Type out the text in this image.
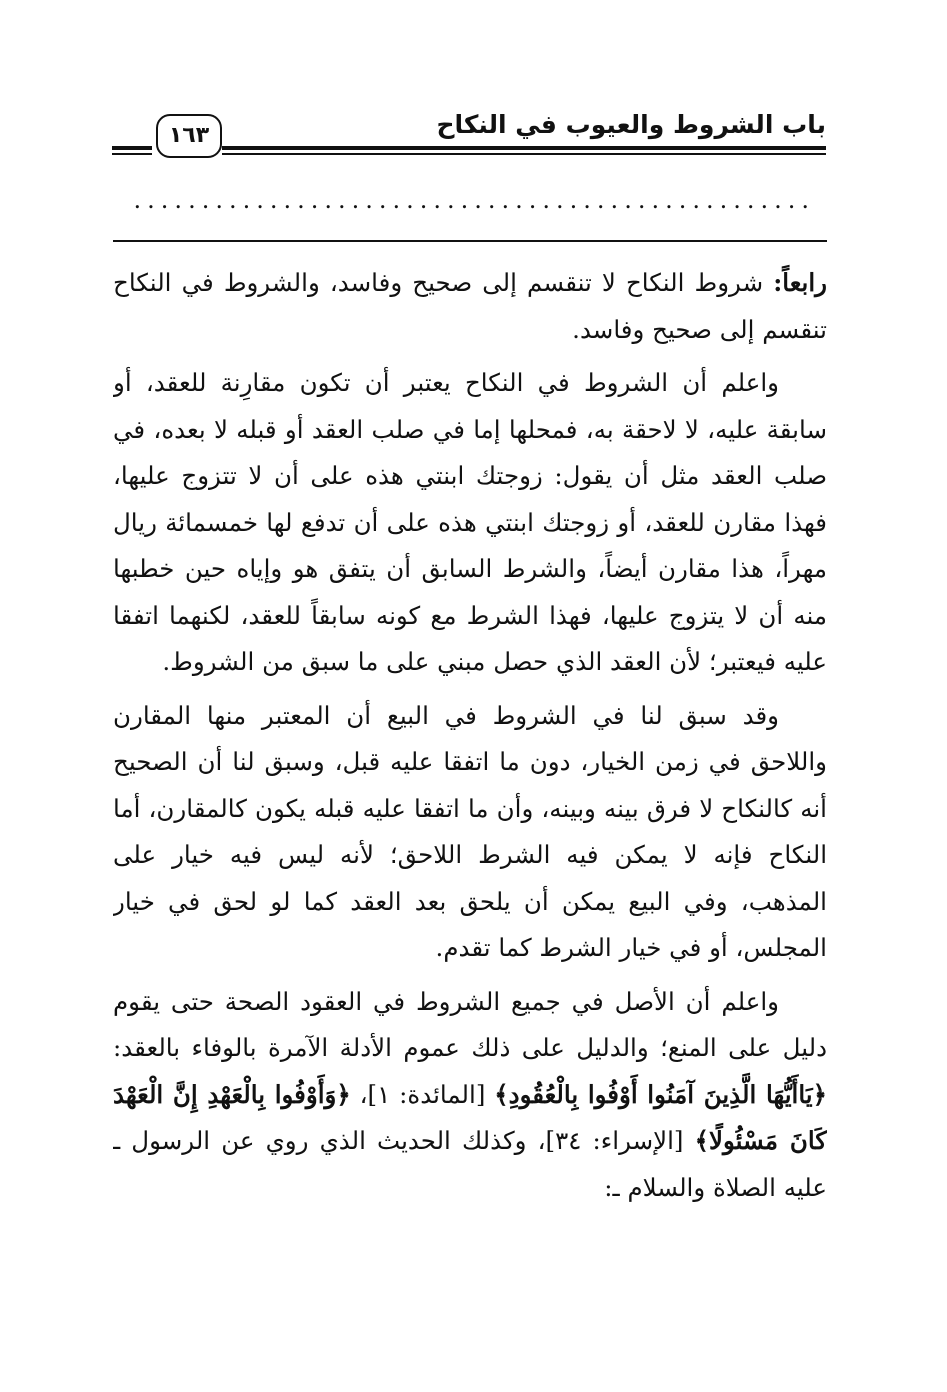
باب الشروط والعيوب في النكاح
١٦٣
..................................................

رابعاً: شروط النكاح لا تنقسم إلى صحيح وفاسد، والشروط في النكاح تنقسم إلى صحيح وفاسد.

واعلم أن الشروط في النكاح يعتبر أن تكون مقارِنة للعقد، أو سابقة عليه، لا لاحقة به، فمحلها إما في صلب العقد أو قبله لا بعده، في صلب العقد مثل أن يقول: زوجتك ابنتي هذه على أن لا تتزوج عليها، فهذا مقارن للعقد، أو زوجتك ابنتي هذه على أن تدفع لها خمسمائة ريال مهراً، هذا مقارن أيضاً، والشرط السابق أن يتفق هو وإياه حين خطبها منه أن لا يتزوج عليها، فهذا الشرط مع كونه سابقاً للعقد، لكنهما اتفقا عليه فيعتبر؛ لأن العقد الذي حصل مبني على ما سبق من الشروط.

وقد سبق لنا في الشروط في البيع أن المعتبر منها المقارن واللاحق في زمن الخيار، دون ما اتفقا عليه قبل، وسبق لنا أن الصحيح أنه كالنكاح لا فرق بينه وبينه، وأن ما اتفقا عليه قبله يكون كالمقارن، أما النكاح فإنه لا يمكن فيه الشرط اللاحق؛ لأنه ليس فيه خيار على المذهب، وفي البيع يمكن أن يلحق بعد العقد كما لو لحق في خيار المجلس، أو في خيار الشرط كما تقدم.

واعلم أن الأصل في جميع الشروط في العقود الصحة حتى يقوم دليل على المنع؛ والدليل على ذلك عموم الأدلة الآمرة بالوفاء بالعقد: ﴿يَاأَيُّهَا الَّذِينَ آمَنُوا أَوْفُوا بِالْعُقُودِ﴾ [المائدة: ١]، ﴿وَأَوْفُوا بِالْعَهْدِ إِنَّ الْعَهْدَ كَانَ مَسْئُولًا﴾ [الإسراء: ٣٤]، وكذلك الحديث الذي روي عن الرسول ـ عليه الصلاة والسلام ـ:
